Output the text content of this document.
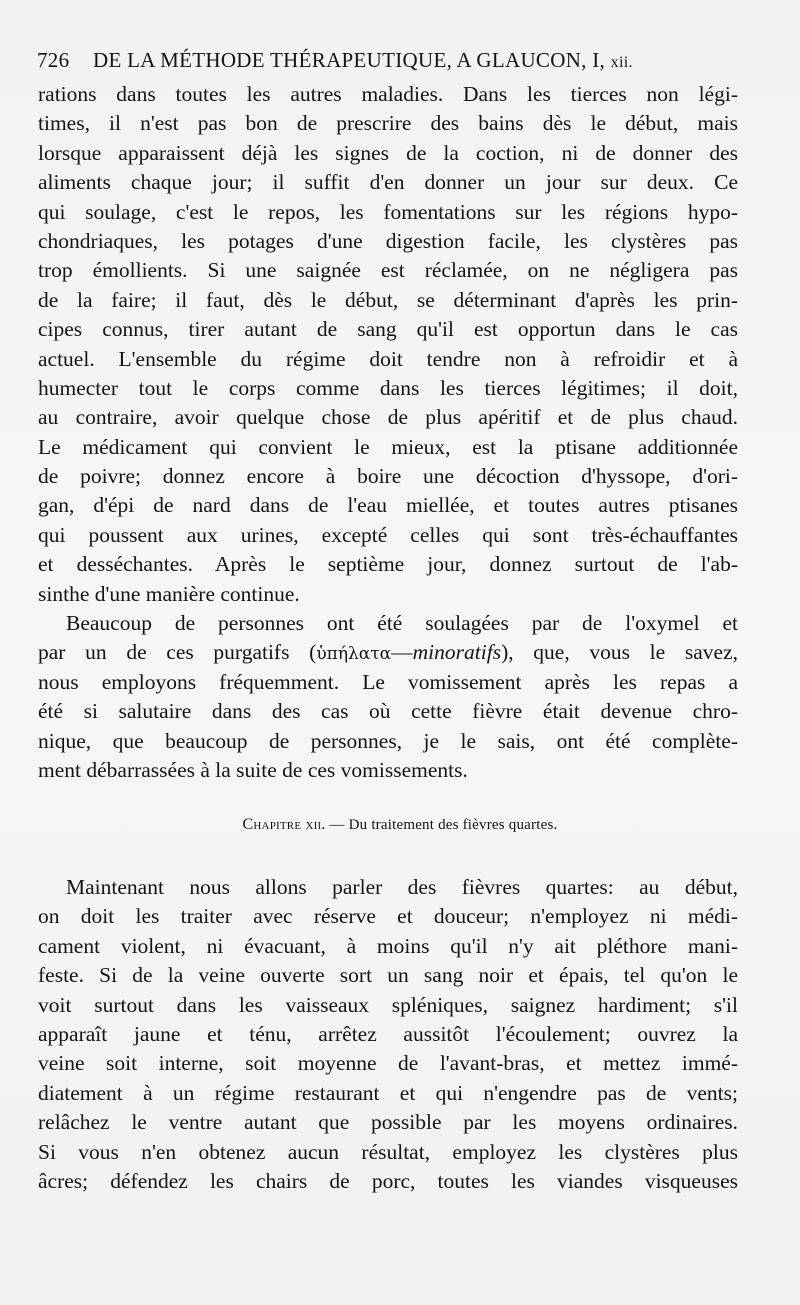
726 DE LA MÉTHODE THÉRAPEUTIQUE, A GLAUCON, I, xii.
rations dans toutes les autres maladies. Dans les tierces non légi-
times, il n'est pas bon de prescrire des bains dès le début, mais
lorsque apparaissent déjà les signes de la coction, ni de donner des
aliments chaque jour; il suffit d'en donner un jour sur deux. Ce
qui soulage, c'est le repos, les fomentations sur les régions hypo-
chondriaques, les potages d'une digestion facile, les clystères pas
trop émollients. Si une saignée est réclamée, on ne négligera pas
de la faire; il faut, dès le début, se déterminant d'après les prin-
cipes connus, tirer autant de sang qu'il est opportun dans le cas
actuel. L'ensemble du régime doit tendre non à refroidir et à
humecter tout le corps comme dans les tierces légitimes; il doit,
au contraire, avoir quelque chose de plus apéritif et de plus chaud.
Le médicament qui convient le mieux, est la ptisane additionnée
de poivre; donnez encore à boire une décoction d'hyssope, d'ori-
gan, d'épi de nard dans de l'eau miellée, et toutes autres ptisanes
qui poussent aux urines, excepté celles qui sont très-échauffantes
et desséchantes. Après le septième jour, donnez surtout de l'ab-
sinthe d'une manière continue.
Beaucoup de personnes ont été soulagées par de l'oxymel et
par un de ces purgatifs (ὑπήλατα—minoratifs), que, vous le savez,
nous employons fréquemment. Le vomissement après les repas a
été si salutaire dans des cas où cette fièvre était devenue chro-
nique, que beaucoup de personnes, je le sais, ont été complète-
ment débarrassées à la suite de ces vomissements.
Chapitre xii. — Du traitement des fièvres quartes.
Maintenant nous allons parler des fièvres quartes: au début,
on doit les traiter avec réserve et douceur; n'employez ni médi-
cament violent, ni évacuant, à moins qu'il n'y ait pléthore mani-
feste. Si de la veine ouverte sort un sang noir et épais, tel qu'on le
voit surtout dans les vaisseaux spléniques, saignez hardiment; s'il
apparaît jaune et ténu, arrêtez aussitôt l'écoulement; ouvrez la
veine soit interne, soit moyenne de l'avant-bras, et mettez immé-
diatement à un régime restaurant et qui n'engendre pas de vents;
relâchez le ventre autant que possible par les moyens ordinaires.
Si vous n'en obtenez aucun résultat, employez les clystères plus
âcres; défendez les chairs de porc, toutes les viandes visqueuses
